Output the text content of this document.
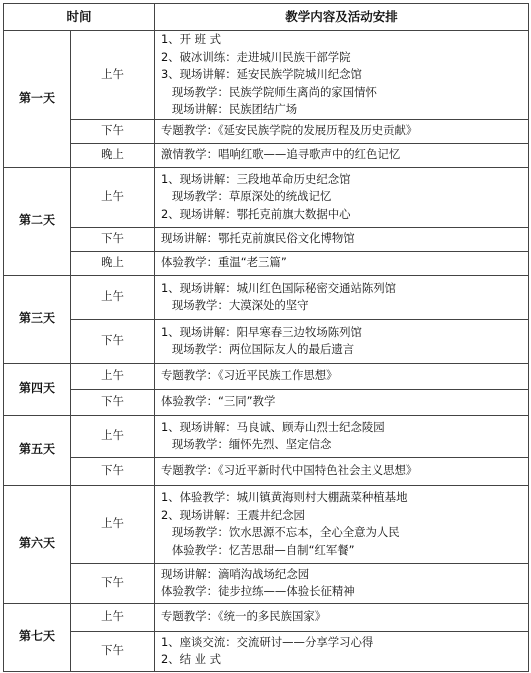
时间		教学内容及活动安排
第一天	上午	1、开 班 式
2、破冰训练：走进城川民族干部学院
3、现场讲解：延安民族学院城川纪念馆
现场教学：民族学院师生离尚的家国情怀
现场讲解：民族团结广场

	下午	专题教学：《延安民族学院的发展历程及历史贡献》

	晚上	激情教学：唱响红歌——追寻歌声中的红色记忆

第二天	上午	1、现场讲解：三段地革命历史纪念馆
现场教学：草原深处的统战记忆
2、现场讲解：鄂托克前旗大数据中心

	下午	现场讲解：鄂托克前旗民俗文化博物馆

	晚上	体验教学：重温“老三篇”

第三天	上午	1、现场讲解：城川红色国际秘密交通站陈列馆
现场教学：大漠深处的坚守

	下午	1、现场讲解：阳早寒春三边牧场陈列馆
现场教学：两位国际友人的最后遗言

第四天	上午	专题教学：《习近平民族工作思想》

	下午	体验教学：“三同”教学

第五天	上午	1、现场讲解：马良诚、顾寿山烈士纪念陵园
现场教学：缅怀先烈、坚定信念

	下午	专题教学：《习近平新时代中国特色社会主义思想》

第六天	上午	1、体验教学：城川镇黄海则村大棚蔬菜种植基地
2、现场讲解：王震井纪念园
现场教学：饮水思源不忘本，全心全意为人民
体验教学：忆苦思甜—自制“红军餐”

	下午	现场讲解：滴哨沟战场纪念园
体验教学：徒步拉练——体验长征精神

第七天	上午	专题教学：《统一的多民族国家》

	下午	1、座谈交流：交流研讨——分享学习心得
2、结 业 式
